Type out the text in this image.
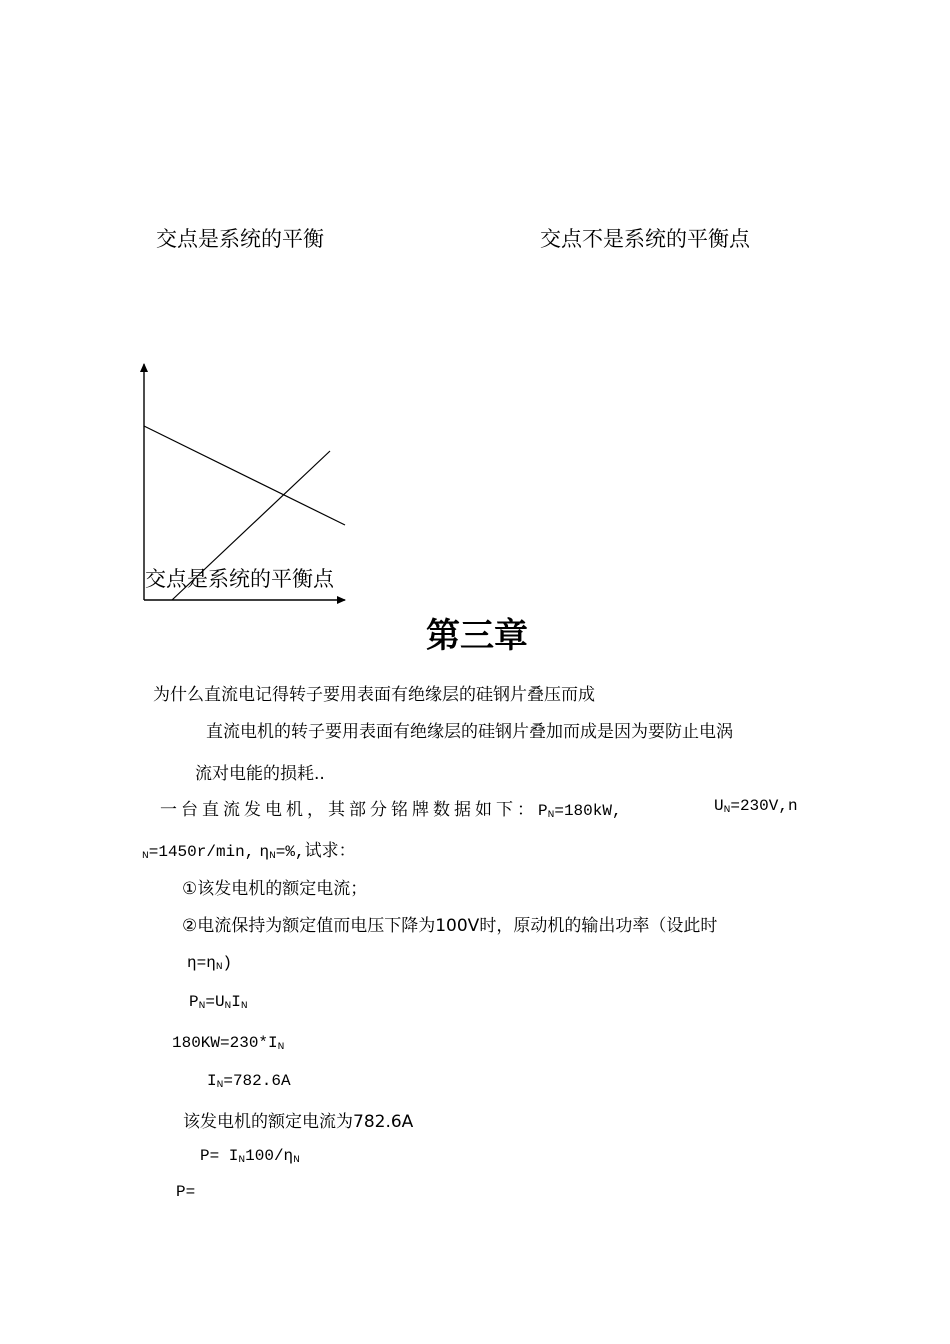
交点是系统的平衡	交点不是系统的平衡点
交点是系统的平衡点
第三章
为什么直流电记得转子要用表面有绝缘层的硅钢片叠压而成
直流电机的转子要用表面有绝缘层的硅钢片叠加而成是因为要防止电涡
流对电能的损耗..
一台直流发电机，其部分铭牌数据如下：$P_N=180kW$,	$U_N=230V,n$
$_N$=1450r/min, $\eta_N=\%$,试求：
①该发电机的额定电流；
②电流保持为额定值而电压下降为100V时，原动机的输出功率（设此时
$\eta=\eta_N$)
$P_N=U_NI_N$
$180KW=230*I_N$
$I_N=782.6A$
该发电机的额定电流为782.6A
$P= I_N100/\eta_N$
P=
